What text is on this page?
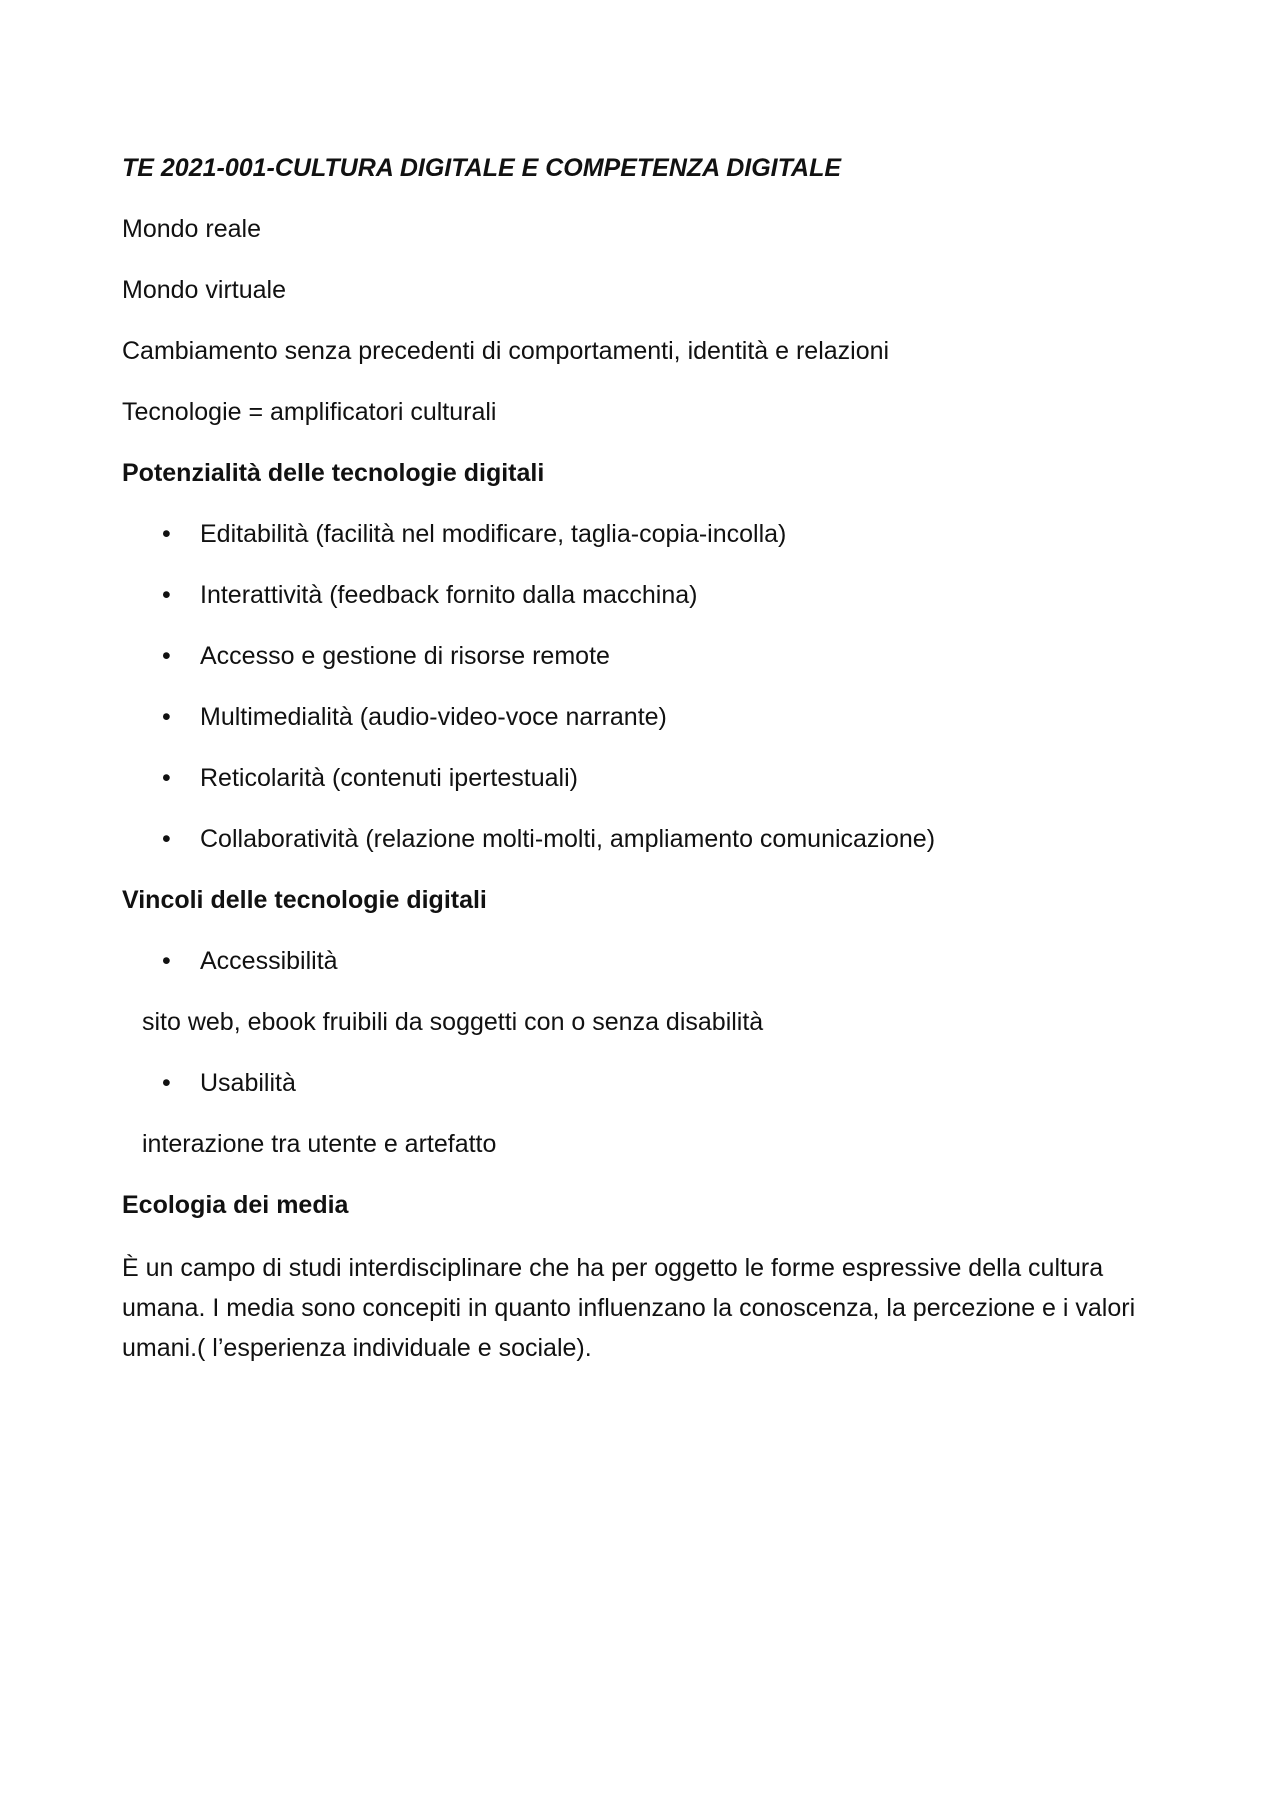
TE 2021-001-CULTURA DIGITALE E COMPETENZA DIGITALE
Mondo reale
Mondo virtuale
Cambiamento senza precedenti di comportamenti, identità e relazioni
Tecnologie = amplificatori culturali
Potenzialità delle tecnologie digitali
• Editabilità (facilità nel modificare, taglia-copia-incolla)
• Interattività (feedback fornito dalla macchina)
• Accesso e gestione di risorse remote
• Multimedialità (audio-video-voce narrante)
• Reticolarità (contenuti ipertestuali)
• Collaboratività (relazione molti-molti, ampliamento comunicazione)
Vincoli delle tecnologie digitali
• Accessibilità
sito web, ebook fruibili da soggetti con o senza disabilità
• Usabilità
interazione tra utente e artefatto
Ecologia dei media
È un campo di studi interdisciplinare che ha per oggetto le forme espressive della cultura umana. I media sono concepiti in quanto influenzano la conoscenza, la percezione e i valori umani.( l’esperienza individuale e sociale).
